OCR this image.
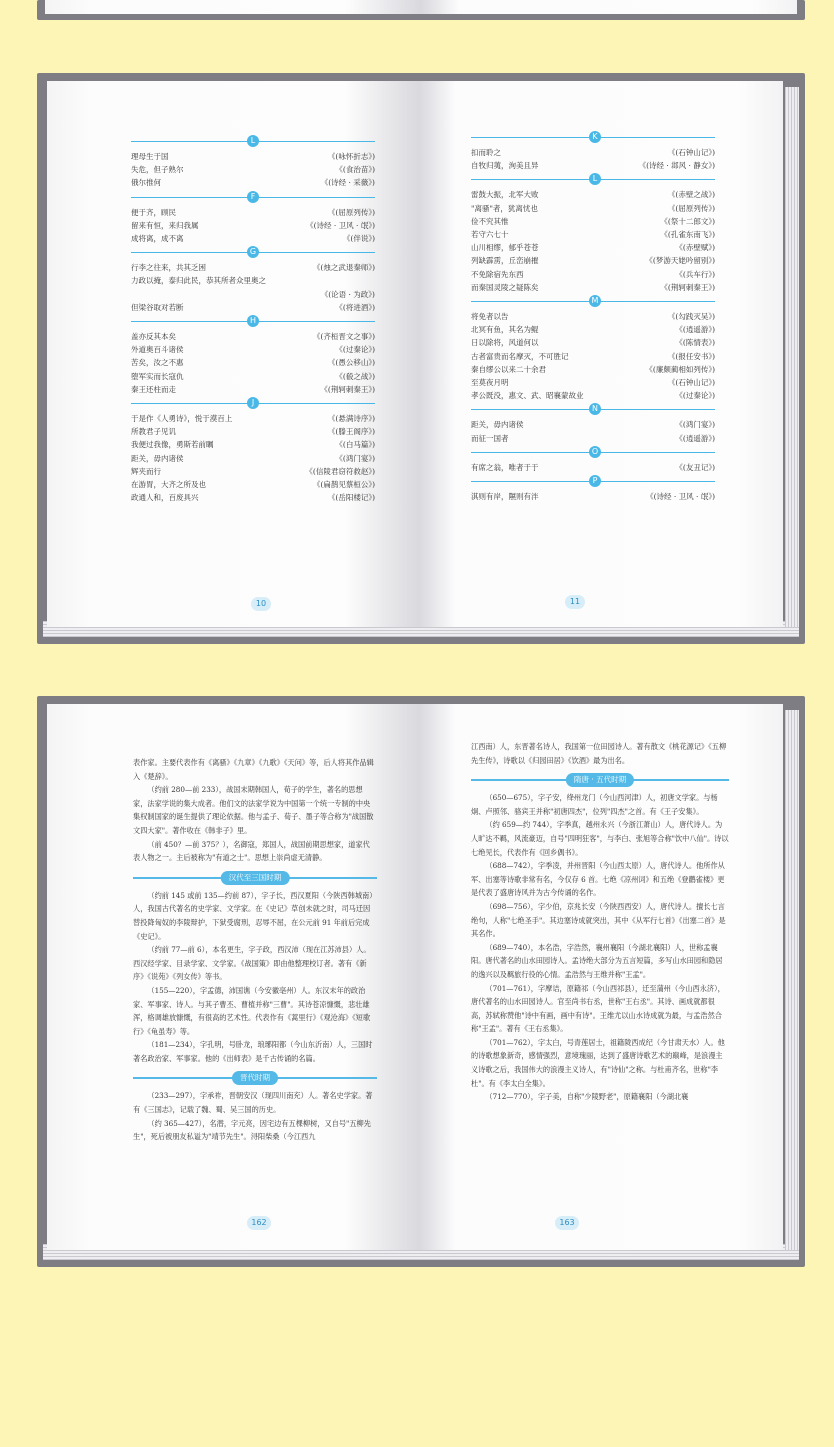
L
理母生于国	《(咏怀折志》)
失危，但子熟尔	《(食治苗》)
俄尔推何	《(诗经 · 采薇》)
F
便于齐，顾民	《(屈原列传》)
留来有恒，来归我属	《(诗经 · 卫风 · 氓》)
成将离，成不离	《(伴说》)
G
行李之往来，共其乏困	《(烛之武退秦师》)
力政以掩，泰归此民，恭其所者众里奥之
《(论语 · 为政》)
但梁谷取对若断	《(将进酒》)
H
盖亦反其本矣	《(齐桓晋文之事》)
外道奥百斗诸侯	《(过秦论》)
苦矣，汝之不惠	《(愚公移山》)
堕军实而长寇仇	《(殽之战》)
秦王还柱而走	《(荆轲刺秦王》)
J
于是作《人勇诗》，悦于漠百上	《(悬满诗序》)
所教君子见讥	《(滕王阁序》)
我便过我像，勇斯若前瞩	《(白马篇》)
距关，毋内诸侯	《(鸿门宴》)
辉夹而行	《(信陵君窃符救赵》)
在游胃，大齐之所及也	《(扁鹊见蔡桓公》)
政通人和，百废具兴	《(岳阳楼记》)
10
K
扣而聆之	《(石钟山记》)
自牧归荑，洵美且异	《(诗经 · 邶风 · 静女》)
L
雷鼓大振，北军大败	《(赤壁之战》)
"离骚"者，犹离忧也	《(屈原列传》)
俭不究其惟	《(祭十二郎文》)
若守六七十	《(孔雀东南飞》)
山川相缪，郁乎苍苍	《(赤壁赋》)
列缺霹雳，丘峦崩摧	《(梦游天姥吟留别》)
不免除宿先东西	《(兵车行》)
而秦国灵陵之疑陈矣	《(荆轲刺秦王》)
M
将免者以告	《(勾践灭吴》)
北冥有鱼，其名为鲲	《(逍遥游》)
日以除将，风道何以	《(陈情表》)
古者富贵而名摩灭，不可胜记	《(报任安书》)
秦自缪公以来二十余君	《(廉颇蔺相如列传》)
至莫夜月明	《(石钟山记》)
孝公既没，惠文、武、昭襄蒙故业	《(过秦论》)
N
距关，毋内诸侯	《(鸿门宴》)
而征一国者	《(逍遥游》)
O
有席之翁，唯者于于	《(友丑记》)
P
淇则有岸，隰则有泮	《(诗经 · 卫风 · 氓》)
11

表作家。主要代表作有《离骚》《九章》《九歌》《天问》等，后人将其作品辑入《楚辞》。

（约前 280—前 233），战国末期韩国人，荀子的学生，著名的思想家，法家学说的集大成者。他们文的法家学说为中国第一个统一专制的中央集权制国家的诞生提供了理论依据。他与孟子、荀子、墨子等合称为"战国散文四大家"。著作收在《韩非子》里。

（前 450？—前 375？），名御寇，郑国人，战国前期思想家，道家代表人物之一。主后被称为"有道之士"。思想上崇尚虚无清静。

汉代至三国时期

（约前 145 或前 135—约前 87），字子长，西汉夏阳（今陕西韩城南）人，我国古代著名的史学家、文学家。在《史记》草创未就之时，司马迁因替投降匈奴的李陵辩护，下狱受腐刑，忍辱不屈，在公元前 91 年前后完成《史记》。

（约前 77—前 6），本名更生，字子政，西汉沛（现在江苏沛县）人。西汉经学家、目录学家、文学家。《战国策》即由他整理校订者。著有《新序》《说苑》《列女传》等书。

（155—220），字孟德，沛国谯（今安徽亳州）人。东汉末年的政治家、军事家、诗人。与其子曹丕、曹植并称"三曹"。其诗苍凉慷慨，悲壮雄浑，格调雄放慷慨，有很高的艺术性。代表作有《蒿里行》《观沧海》《短歌行》《龟虽寿》等。

（181—234），字孔明，号卧龙，琅琊阳都（今山东沂南）人，三国时著名政治家、军事家。他的《出师表》是千古传诵的名篇。

晋代时期

（233—297），字承祚，晋朝安汉（现四川南充）人。著名史学家。著有《三国志》，记载了魏、蜀、吴三国的历史。

（约 365—427），名潜，字元亮，因宅边有五棵柳树，又自号"五柳先生"，死后被朋友私谥为"靖节先生"。浔阳柴桑（今江西九

162

江西南）人，东晋著名诗人，我国第一位田园诗人。著有散文《桃花源记》《五柳先生传》，诗歌以《归园田居》《饮酒》最为出名。

隋唐 · 五代时期

（650—675），字子安，绛州龙门（今山西河津）人，初唐文学家。与杨炯、卢照邻、骆宾王并称"初唐四杰"，位列"四杰"之首。有《王子安集》。

（约 659—约 744），字季真，越州永兴（今浙江萧山）人，唐代诗人。为人旷达不羁，风流豪迈，自号"四明狂客"，与李白、张旭等合称"饮中八仙"。诗以七绝见长，代表作有《回乡偶书》。

（688—742），字季凌，并州晋阳（今山西太原）人，唐代诗人。他所作从军、出塞等诗歌非常有名，今仅存 6 首。七绝《凉州词》和五绝《登鹳雀楼》更是代表了盛唐诗风并为古今传诵的名作。

（698—756），字少伯，京兆长安（今陕西西安）人，唐代诗人。擅长七言绝句，人称"七绝圣手"。其边塞诗成就突出，其中《从军行七首》《出塞二首》是其名作。

（689—740），本名浩，字浩然，襄州襄阳（今湖北襄阳）人，世称孟襄阳。唐代著名的山水田园诗人。孟诗绝大部分为五言短篇，多写山水田园和隐居的逸兴以及羁旅行役的心情。孟浩然与王维并称"王孟"。

（701—761），字摩诘，原籍祁（今山西祁县），迁至蒲州（今山西永济），唐代著名的山水田园诗人。官至尚书右丞，世称"王右丞"。其诗、画成就都很高，苏轼称赞他"诗中有画，画中有诗"。王维尤以山水诗成就为最，与孟浩然合称"王孟"。著有《王右丞集》。

（701—762），字太白，号青莲居士，祖籍陇西成纪（今甘肃天水）人。他的诗歌想象新奇，感情强烈，意境瑰丽，达到了盛唐诗歌艺术的巅峰，是浪漫主义诗歌之后，我国伟大的浪漫主义诗人，有"诗仙"之称。与杜甫齐名，世称"李杜"。有《李太白全集》。

（712—770），字子美，自称"少陵野老"，原籍襄阳（今湖北襄

163
